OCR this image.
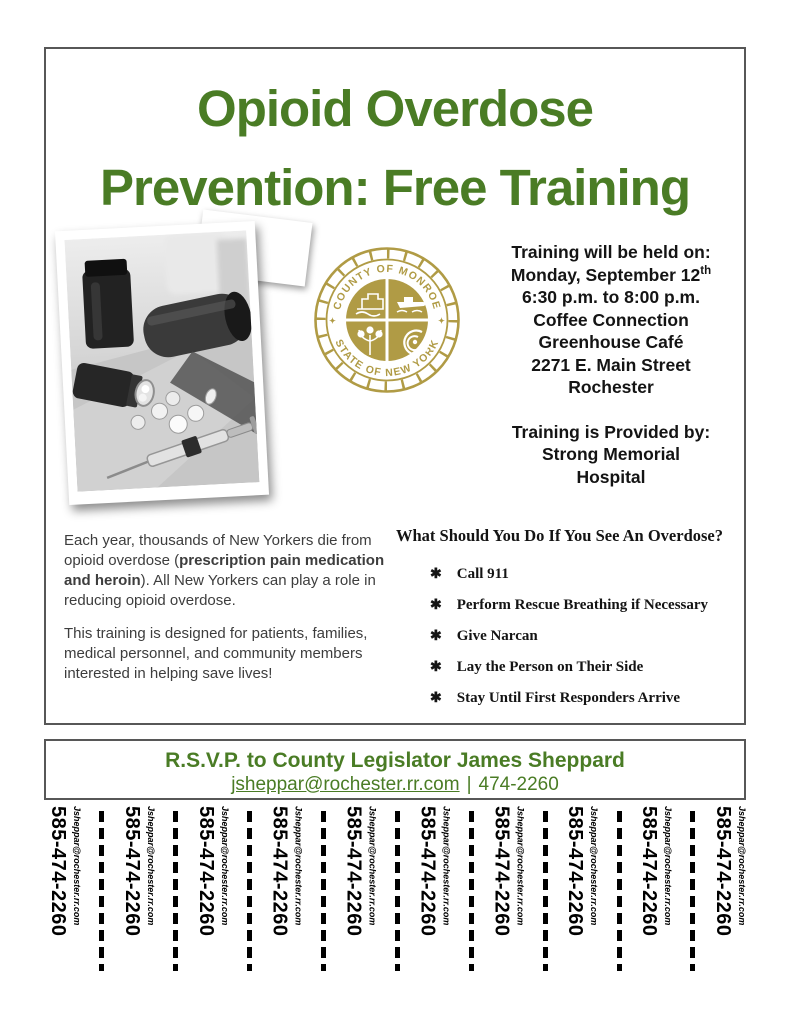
Opioid Overdose
Prevention: Free Training
COUNTY OF MONROE
STATE OF NEW YORK
✦	✦
Training will be held on:
Monday, September 12th
6:30 p.m. to 8:00 p.m.
Coffee Connection
Greenhouse Café
2271 E. Main Street
Rochester
Training is Provided by:
Strong Memorial
Hospital

Each year, thousands of New Yorkers die from opioid overdose (prescription pain medication and heroin). All New Yorkers can play a role in reducing opioid overdose.

This training is designed for patients, families, medical personnel, and community members interested in helping save lives!

What Should You Do If You See An Overdose?
✱ Call 911
✱ Perform Rescue Breathing if Necessary
✱ Give Narcan
✱ Lay the Person on Their Side
✱ Stay Until First Responders Arrive
R.S.V.P. to County Legislator James Sheppard
jsheppar@rochester.rr.com | 474-2260
Jsheppar@rochester.rr.com
585-474-2260	Jsheppar@rochester.rr.com
585-474-2260	Jsheppar@rochester.rr.com
585-474-2260	Jsheppar@rochester.rr.com
585-474-2260	Jsheppar@rochester.rr.com
585-474-2260	Jsheppar@rochester.rr.com
585-474-2260	Jsheppar@rochester.rr.com
585-474-2260	Jsheppar@rochester.rr.com
585-474-2260	Jsheppar@rochester.rr.com
585-474-2260	Jsheppar@rochester.rr.com
585-474-2260
